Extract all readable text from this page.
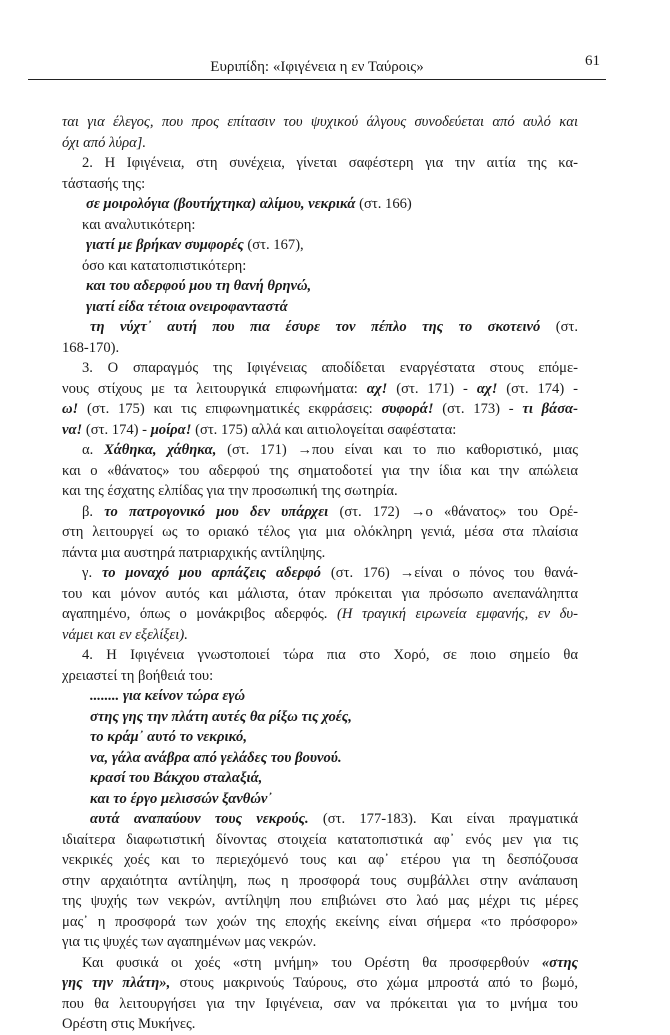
Ευριπίδη: «Ιφιγένεια η εν Ταύροις»	61
ται για έλεγος, που προς επίτασιν του ψυχικού άλγους συνοδεύεται από αυλό και
όχι από λύρα].
2. Η Ιφιγένεια, στη συνέχεια, γίνεται σαφέστερη για την αιτία της κα-
τάστασής της:
σε μοιρολόγια (βουτήχτηκα) αλίμου, νεκρικά (στ. 166)
και αναλυτικότερη:
γιατί με βρήκαν συμφορές (στ. 167),
όσο και κατατοπιστικότερη:
και του αδερφού μου τη θανή θρηνώ,
γιατί είδα τέτοια ονειροφανταστά
τη νύχτ᾽ αυτή που πια έσυρε τον πέπλο της το σκοτεινό (στ.
168-170).
3. Ο σπαραγμός της Ιφιγένειας αποδίδεται εναργέστατα στους επόμε-
νους στίχους με τα λειτουργικά επιφωνήματα: αχ! (στ. 171) - αχ! (στ. 174) -
ω! (στ. 175) και τις επιφωνηματικές εκφράσεις: συφορά! (στ. 173) - τι βάσα-
να! (στ. 174) - μοίρα! (στ. 175) αλλά και αιτιολογείται σαφέστατα:
α. Χάθηκα, χάθηκα, (στ. 171) →που είναι και το πιο καθοριστικό, μιας
και ο «θάνατος» του αδερφού της σηματοδοτεί για την ίδια και την απώλεια
και της έσχατης ελπίδας για την προσωπική της σωτηρία.
β. το πατρογονικό μου δεν υπάρχει (στ. 172) →ο «θάνατος» του Ορέ-
στη λειτουργεί ως το οριακό τέλος για μια ολόκληρη γενιά, μέσα στα πλαίσια
πάντα μια αυστηρά πατριαρχικής αντίληψης.
γ. το μοναχό μου αρπάζεις αδερφό (στ. 176) →είναι ο πόνος του θανά-
του και μόνον αυτός και μάλιστα, όταν πρόκειται για πρόσωπο ανεπανάληπτα
αγαπημένο, όπως ο μονάκριβος αδερφός. (Η τραγική ειρωνεία εμφανής, εν δυ-
νάμει και εν εξελίξει).
4. Η Ιφιγένεια γνωστοποιεί τώρα πια στο Χορό, σε ποιο σημείο θα
χρειαστεί τη βοήθειά του:
........ για κείνον τώρα εγώ
στης γης την πλάτη αυτές θα ρίξω τις χοές,
το κράμ᾽ αυτό το νεκρικό,
να, γάλα ανάβρα από γελάδες του βουνού.
κρασί του Βάκχου σταλαξιά,
και το έργο μελισσών ξανθών᾽
αυτά αναπαύουν τους νεκρούς. (στ. 177-183). Και είναι πραγματικά
ιδιαίτερα διαφωτιστική δίνοντας στοιχεία κατατοπιστικά αφ᾽ ενός μεν για τις
νεκρικές χοές και το περιεχόμενό τους και αφ᾽ ετέρου για τη δεσπόζουσα
στην αρχαιότητα αντίληψη, πως η προσφορά τους συμβάλλει στην ανάπαυση
της ψυχής των νεκρών, αντίληψη που επιβιώνει στο λαό μας μέχρι τις μέρες
μας᾽ η προσφορά των χοών της εποχής εκείνης είναι σήμερα «το πρόσφορο»
για τις ψυχές των αγαπημένων μας νεκρών.
Και φυσικά οι χοές «στη μνήμη» του Ορέστη θα προσφερθούν «στης
γης την πλάτη», στους μακρινούς Ταύρους, στο χώμα μπροστά από το βωμό,
που θα λειτουργήσει για την Ιφιγένεια, σαν να πρόκειται για το μνήμα του
Ορέστη στις Μυκήνες.
